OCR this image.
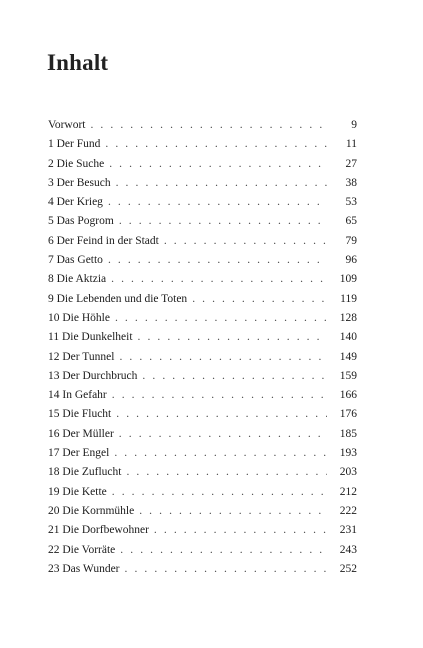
Inhalt
Vorwort . . .	9
1 Der Fund . . .	11
2 Die Suche . . .	27
3 Der Besuch . . .	38
4 Der Krieg . . .	53
5 Das Pogrom . . .	65
6 Der Feind in der Stadt . . .	79
7 Das Getto . . .	96
8 Die Aktzia . . .	109
9 Die Lebenden und die Toten . . .	119
10 Die Höhle . . .	128
11 Die Dunkelheit . . .	140
12 Der Tunnel . . .	149
13 Der Durchbruch . . .	159
14 In Gefahr . . .	166
15 Die Flucht . . .	176
16 Der Müller . . .	185
17 Der Engel . . .	193
18 Die Zuflucht . . .	203
19 Die Kette . . .	212
20 Die Kornmühle . . .	222
21 Die Dorfbewohner . . .	231
22 Die Vorräte . . .	243
23 Das Wunder . . .	252
